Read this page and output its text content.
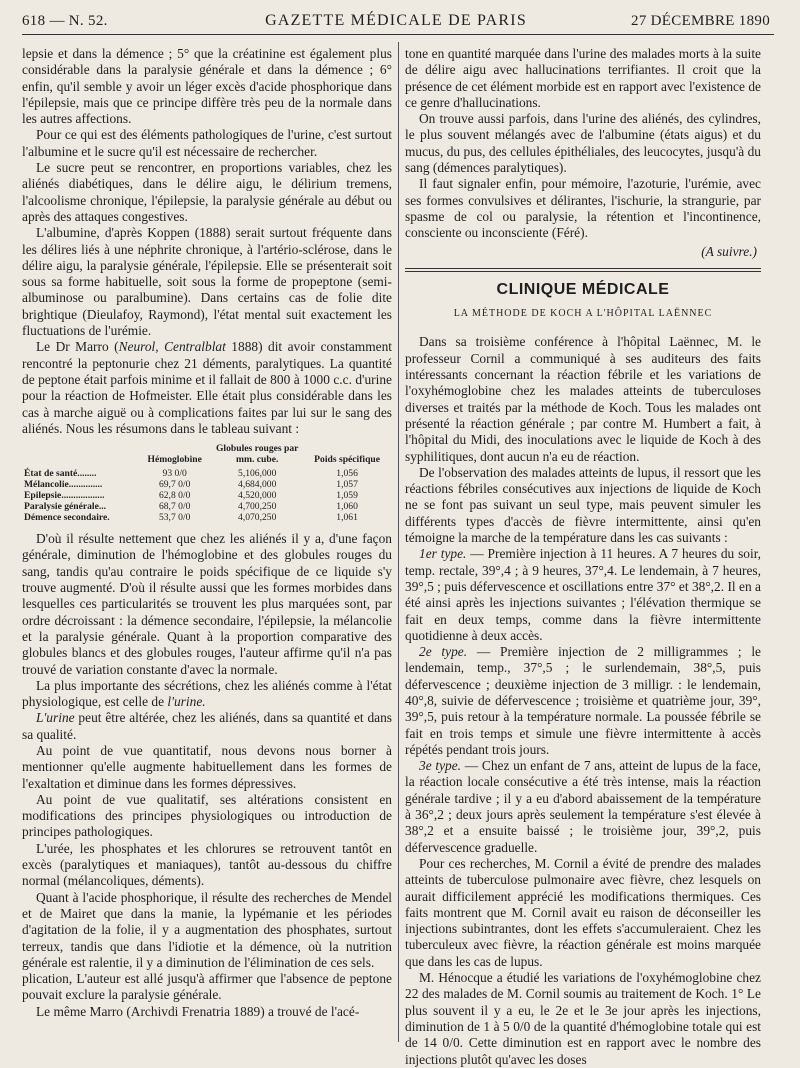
618 — N. 52.	GAZETTE MÉDICALE DE PARIS	27 DÉCEMBRE 1890

lepsie et dans la démence ; 5° que la créatinine est également plus considérable dans la paralysie générale et dans la démence ; 6° enfin, qu'il semble y avoir un léger excès d'acide phosphorique dans l'épilepsie, mais que ce principe diffère très peu de la normale dans les autres affections.

Pour ce qui est des éléments pathologiques de l'urine, c'est surtout l'albumine et le sucre qu'il est nécessaire de rechercher.

Le sucre peut se rencontrer, en proportions variables, chez les aliénés diabétiques, dans le délire aigu, le délirium tremens, l'alcoolisme chronique, l'épilepsie, la paralysie générale au début ou après des attaques congestives.

L'albumine, d'après Koppen (1888) serait surtout fréquente dans les délires liés à une néphrite chronique, à l'artério-sclérose, dans le délire aigu, la paralysie générale, l'épilepsie. Elle se présenterait soit sous sa forme habituelle, soit sous la forme de propeptone (semi-albuminose ou paralbumine). Dans certains cas de folie dite brightique (Dieulafoy, Raymond), l'état mental suit exactement les fluctuations de l'urémie.

Le Dr Marro (Neurol, Centralblat 1888) dit avoir constamment rencontré la peptonurie chez 21 déments, paralytiques. La quantité de peptone était parfois minime et il fallait de 800 à 1000 c.c. d'urine pour la réaction de Hofmeister. Elle était plus considérable dans les cas à marche aiguë ou à complications faites par lui sur le sang des aliénés. Nous les résumons dans le tableau suivant :

	Hémoglobine	Globules rouges par mm. cube.	Poids spécifique
État de santé........	93 0/0	5,106,000	1,056
Mélancolie..............	69,7 0/0	4,684,000	1,057
Epilepsie..................	62,8 0/0	4,520,000	1,059
Paralysie générale...	68,7 0/0	4,700,250	1,060
Démence secondaire.	53,7 0/0	4,070,250	1,061

D'où il résulte nettement que chez les aliénés il y a, d'une façon générale, diminution de l'hémoglobine et des globules rouges du sang, tandis qu'au contraire le poids spécifique de ce liquide s'y trouve augmenté. D'où il résulte aussi que les formes morbides dans lesquelles ces particularités se trouvent les plus marquées sont, par ordre décroissant : la démence secondaire, l'épilepsie, la mélancolie et la paralysie générale. Quant à la proportion comparative des globules blancs et des globules rouges, l'auteur affirme qu'il n'a pas trouvé de variation constante d'avec la normale.

La plus importante des sécrétions, chez les aliénés comme à l'état physiologique, est celle de l'urine.

L'urine peut être altérée, chez les aliénés, dans sa quantité et dans sa qualité.

Au point de vue quantitatif, nous devons nous borner à mentionner qu'elle augmente habituellement dans les formes de l'exaltation et diminue dans les formes dépressives.

Au point de vue qualitatif, ses altérations consistent en modifications des principes physiologiques ou introduction de principes pathologiques.

L'urée, les phosphates et les chlorures se retrouvent tantôt en excès (paralytiques et maniaques), tantôt au-dessous du chiffre normal (mélancoliques, déments).

Quant à l'acide phosphorique, il résulte des recherches de Mendel et de Mairet que dans la manie, la lypémanie et les périodes d'agitation de la folie, il y a augmentation des phosphates, surtout terreux, tandis que dans l'idiotie et la démence, où la nutrition générale est ralentie, il y a diminution de l'élimination de ces sels.

plication, L'auteur est allé jusqu'à affirmer que l'absence de peptone pouvait exclure la paralysie générale.

Le même Marro (Archivdi Frenatria 1889) a trouvé de l'acé-

tone en quantité marquée dans l'urine des malades morts à la suite de délire aigu avec hallucinations terrifiantes. Il croit que la présence de cet élément morbide est en rapport avec l'existence de ce genre d'hallucinations.

On trouve aussi parfois, dans l'urine des aliénés, des cylindres, le plus souvent mélangés avec de l'albumine (états aigus) et du mucus, du pus, des cellules épithéliales, des leucocytes, jusqu'à du sang (démences paralytiques).

Il faut signaler enfin, pour mémoire, l'azoturie, l'urémie, avec ses formes convulsives et délirantes, l'ischurie, la strangurie, par spasme de col ou paralysie, la rétention et l'incontinence, consciente ou inconsciente (Féré).

(A suivre.)
CLINIQUE MÉDICALE
LA MÉTHODE DE KOCH A L'HÔPITAL LAËNNEC

Dans sa troisième conférence à l'hôpital Laënnec, M. le professeur Cornil a communiqué à ses auditeurs des faits intéressants concernant la réaction fébrile et les variations de l'oxyhémoglobine chez les malades atteints de tuberculoses diverses et traités par la méthode de Koch. Tous les malades ont présenté la réaction générale ; par contre M. Humbert a fait, à l'hôpital du Midi, des inoculations avec le liquide de Koch à des syphilitiques, dont aucun n'a eu de réaction.

De l'observation des malades atteints de lupus, il ressort que les réactions fébriles consécutives aux injections de liquide de Koch ne se font pas suivant un seul type, mais peuvent simuler les différents types d'accès de fièvre intermittente, ainsi qu'en témoigne la marche de la température dans les cas suivants :

1er type. — Première injection à 11 heures. A 7 heures du soir, temp. rectale, 39°,4 ; à 9 heures, 37°,4. Le lendemain, à 7 heures, 39°,5 ; puis défervescence et oscillations entre 37° et 38°,2. Il en a été ainsi après les injections suivantes ; l'élévation thermique se fait en deux temps, comme dans la fièvre intermittente quotidienne à deux accès.

2e type. — Première injection de 2 milligrammes ; le lendemain, temp., 37°,5 ; le surlendemain, 38°,5, puis défervescence ; deuxième injection de 3 milligr. : le lendemain, 40°,8, suivie de défervescence ; troisième et quatrième jour, 39°, 39°,5, puis retour à la température normale. La poussée fébrile se fait en trois temps et simule une fièvre intermittente à accès répétés pendant trois jours.

3e type. — Chez un enfant de 7 ans, atteint de lupus de la face, la réaction locale consécutive a été très intense, mais la réaction générale tardive ; il y a eu d'abord abaissement de la température à 36°,2 ; deux jours après seulement la température s'est élevée à 38°,2 et a ensuite baissé ; le troisième jour, 39°,2, puis défervescence graduelle.

Pour ces recherches, M. Cornil a évité de prendre des malades atteints de tuberculose pulmonaire avec fièvre, chez lesquels on aurait difficilement apprécié les modifications thermiques. Ces faits montrent que M. Cornil avait eu raison de déconseiller les injections subintrantes, dont les effets s'accumuleraient. Chez les tuberculeux avec fièvre, la réaction générale est moins marquée que dans les cas de lupus.

M. Hénocque a étudié les variations de l'oxyhémoglobine chez 22 des malades de M. Cornil soumis au traitement de Koch. 1° Le plus souvent il y a eu, le 2e et le 3e jour après les injections, diminution de 1 à 5 0/0 de la quantité d'hémoglobine totale qui est de 14 0/0. Cette diminution est en rapport avec le nombre des injections plutôt qu'avec les doses
